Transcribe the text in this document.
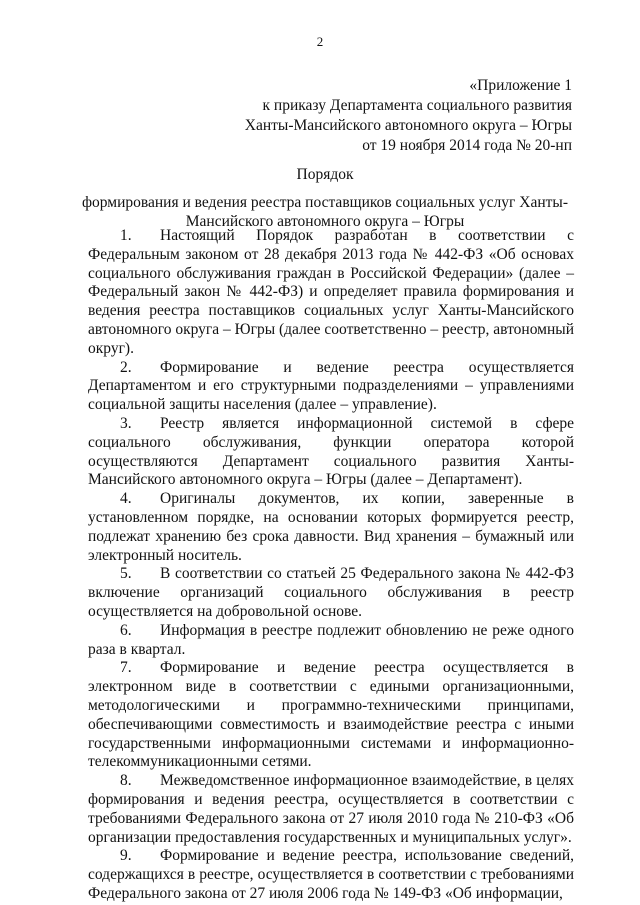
2
«Приложение 1
к приказу Департамента социального развития
Ханты-Мансийского автономного округа – Югры
от 19 ноября 2014 года № 20-нп
Порядок
формирования и ведения реестра поставщиков социальных услуг Ханты-Мансийского автономного округа – Югры

1. Настоящий Порядок разработан в соответствии с Федеральным законом от 28 декабря 2013 года № 442-ФЗ «Об основах социального обслуживания граждан в Российской Федерации» (далее – Федеральный закон № 442-ФЗ) и определяет правила формирования и ведения реестра поставщиков социальных услуг Ханты-Мансийского автономного округа – Югры (далее соответственно – реестр, автономный округ).

2. Формирование и ведение реестра осуществляется Департаментом и его структурными подразделениями – управлениями социальной защиты населения (далее – управление).

3. Реестр является информационной системой в сфере социального обслуживания, функции оператора которой осуществляются Департамент социального развития Ханты-Мансийского автономного округа – Югры (далее – Департамент).

4. Оригиналы документов, их копии, заверенные в установленном порядке, на основании которых формируется реестр, подлежат хранению без срока давности. Вид хранения – бумажный или электронный носитель.

5. В соответствии со статьей 25 Федерального закона № 442-ФЗ включение организаций социального обслуживания в реестр осуществляется на добровольной основе.

6. Информация в реестре подлежит обновлению не реже одного раза в квартал.

7. Формирование и ведение реестра осуществляется в электронном виде в соответствии с едиными организационными, методологическими и программно-техническими принципами, обеспечивающими совместимость и взаимодействие реестра с иными государственными информационными системами и информационно-телекоммуникационными сетями.

8. Межведомственное информационное взаимодействие, в целях формирования и ведения реестра, осуществляется в соответствии с требованиями Федерального закона от 27 июля 2010 года № 210-ФЗ «Об организации предоставления государственных и муниципальных услуг».

9. Формирование и ведение реестра, использование сведений, содержащихся в реестре, осуществляется в соответствии с требованиями Федерального закона от 27 июля 2006 года № 149-ФЗ «Об информации,
